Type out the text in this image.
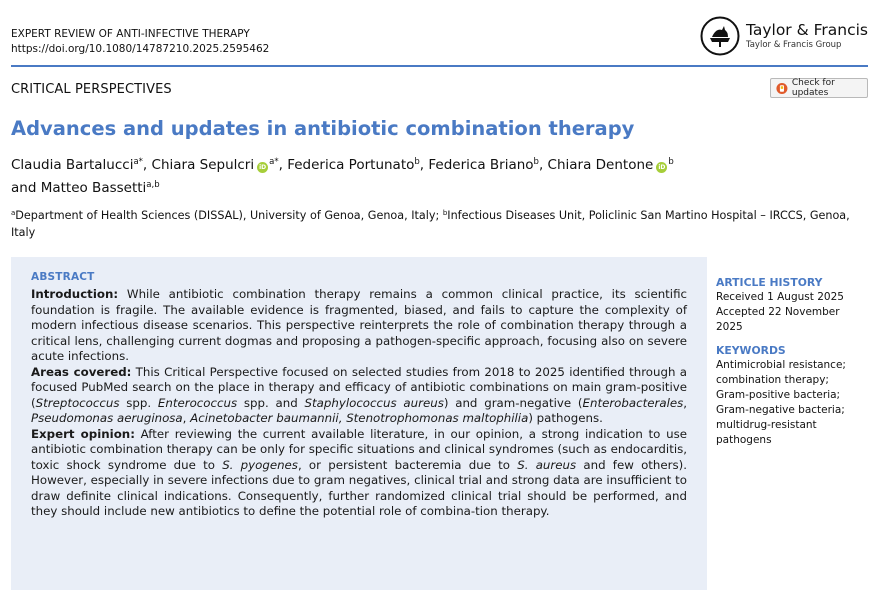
EXPERT REVIEW OF ANTI-INFECTIVE THERAPY
https://doi.org/10.1080/14787210.2025.2595462
Taylor & Francis
Taylor & Francis Group
CRITICAL PERSPECTIVES	Check for updates
Advances and updates in antibiotic combination therapy
Claudia Bartalucci$^{a*}$, Chiara Sepulcri $iD^{a*}$, Federica Portunato$^b$, Federica Briano$^b$, Chiara Dentone $iD^b$
and Matteo Bassetti$^{a,b}$
$^a$Department of Health Sciences (DISSAL), University of Genoa, Genoa, Italy; $^b$Infectious Diseases Unit, Policlinic San Martino Hospital – IRCCS, Genoa, Italy
ABSTRACT

Introduction: While antibiotic combination therapy remains a common clinical practice, its scientific foundation is fragile. The available evidence is fragmented, biased, and fails to capture the complexity of modern infectious disease scenarios. This perspective reinterprets the role of combination therapy through a critical lens, challenging current dogmas and proposing a pathogen-specific approach, focusing also on severe acute infections.

Areas covered: This Critical Perspective focused on selected studies from 2018 to 2025 identified through a focused PubMed search on the place in therapy and efficacy of antibiotic combinations on main gram-positive (Streptococcus spp. Enterococcus spp. and Staphylococcus aureus) and gram-negative (Enterobacterales, Pseudomonas aeruginosa, Acinetobacter baumannii, Stenotrophomonas maltophilia) pathogens.

Expert opinion: After reviewing the current available literature, in our opinion, a strong indication to use antibiotic combination therapy can be only for specific situations and clinical syndromes (such as endocarditis, toxic shock syndrome due to S. pyogenes, or persistent bacteremia due to S. aureus and few others). However, especially in severe infections due to gram negatives, clinical trial and strong data are insufficient to draw definite clinical indications. Consequently, further randomized clinical trial should be performed, and they should include new antibiotics to define the potential role of combina-tion therapy.

ARTICLE HISTORY
Received 1 August 2025
Accepted 22 November
2025
KEYWORDS
Antimicrobial resistance;
combination therapy;
Gram-positive bacteria;
Gram-negative bacteria;
multidrug-resistant
pathogens
